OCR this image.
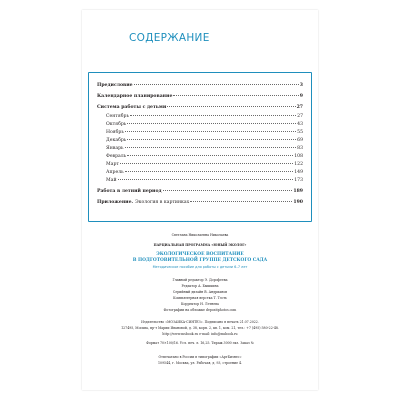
СОДЕРЖАНИЕ
Предисловие	3
Календарное планирование	9
Система работы с детьми	27
Сентябрь	27
Октябрь	43
Ноябрь	55
Декабрь	69
Январь	83
Февраль	108
Март	122
Апрель	149
Май	173
Работа в летний период	189
Приложение. Экология в картинках	190
Светлана Николаевна Николаева
ПАРЦИАЛЬНАЯ ПРОГРАММА «ЮНЫЙ ЭКОЛОГ»
ЭКОЛОГИЧЕСКОЕ ВОСПИТАНИЕ
В ПОДГОТОВИТЕЛЬНОЙ ГРУППЕ ДЕТСКОГО САДА
Методическое пособие для работы с детьми 6–7 лет
Главный редактор Э. Дорофеева
Редактор А. Бышкина
Серийный дизайн В. Андрианов
Компьютерная верстка Т. Тэсть
Корректор Н. Летнева
Фотографии на обложке depositphotos.com
Издательство «МОЗАИКА-СИНТЕЗ». Подписано в печать 21.07.2022.
127495, Москва, пр-т Марии Ивановой, д. 38, корп. 2, кв. 1, ком. 21, тел.: +7 (495) 580-22-48.
http://www.msbook.ru e-mail: info@msbook.ru
Формат 70×100/16. Усл. печ. л. 16,25. Тираж 3000 экз. Заказ №
Отпечатано в России в типографии «АртБизнес»
109544, г. Москва, ул. Рабочая, д. 93, строение 4.
